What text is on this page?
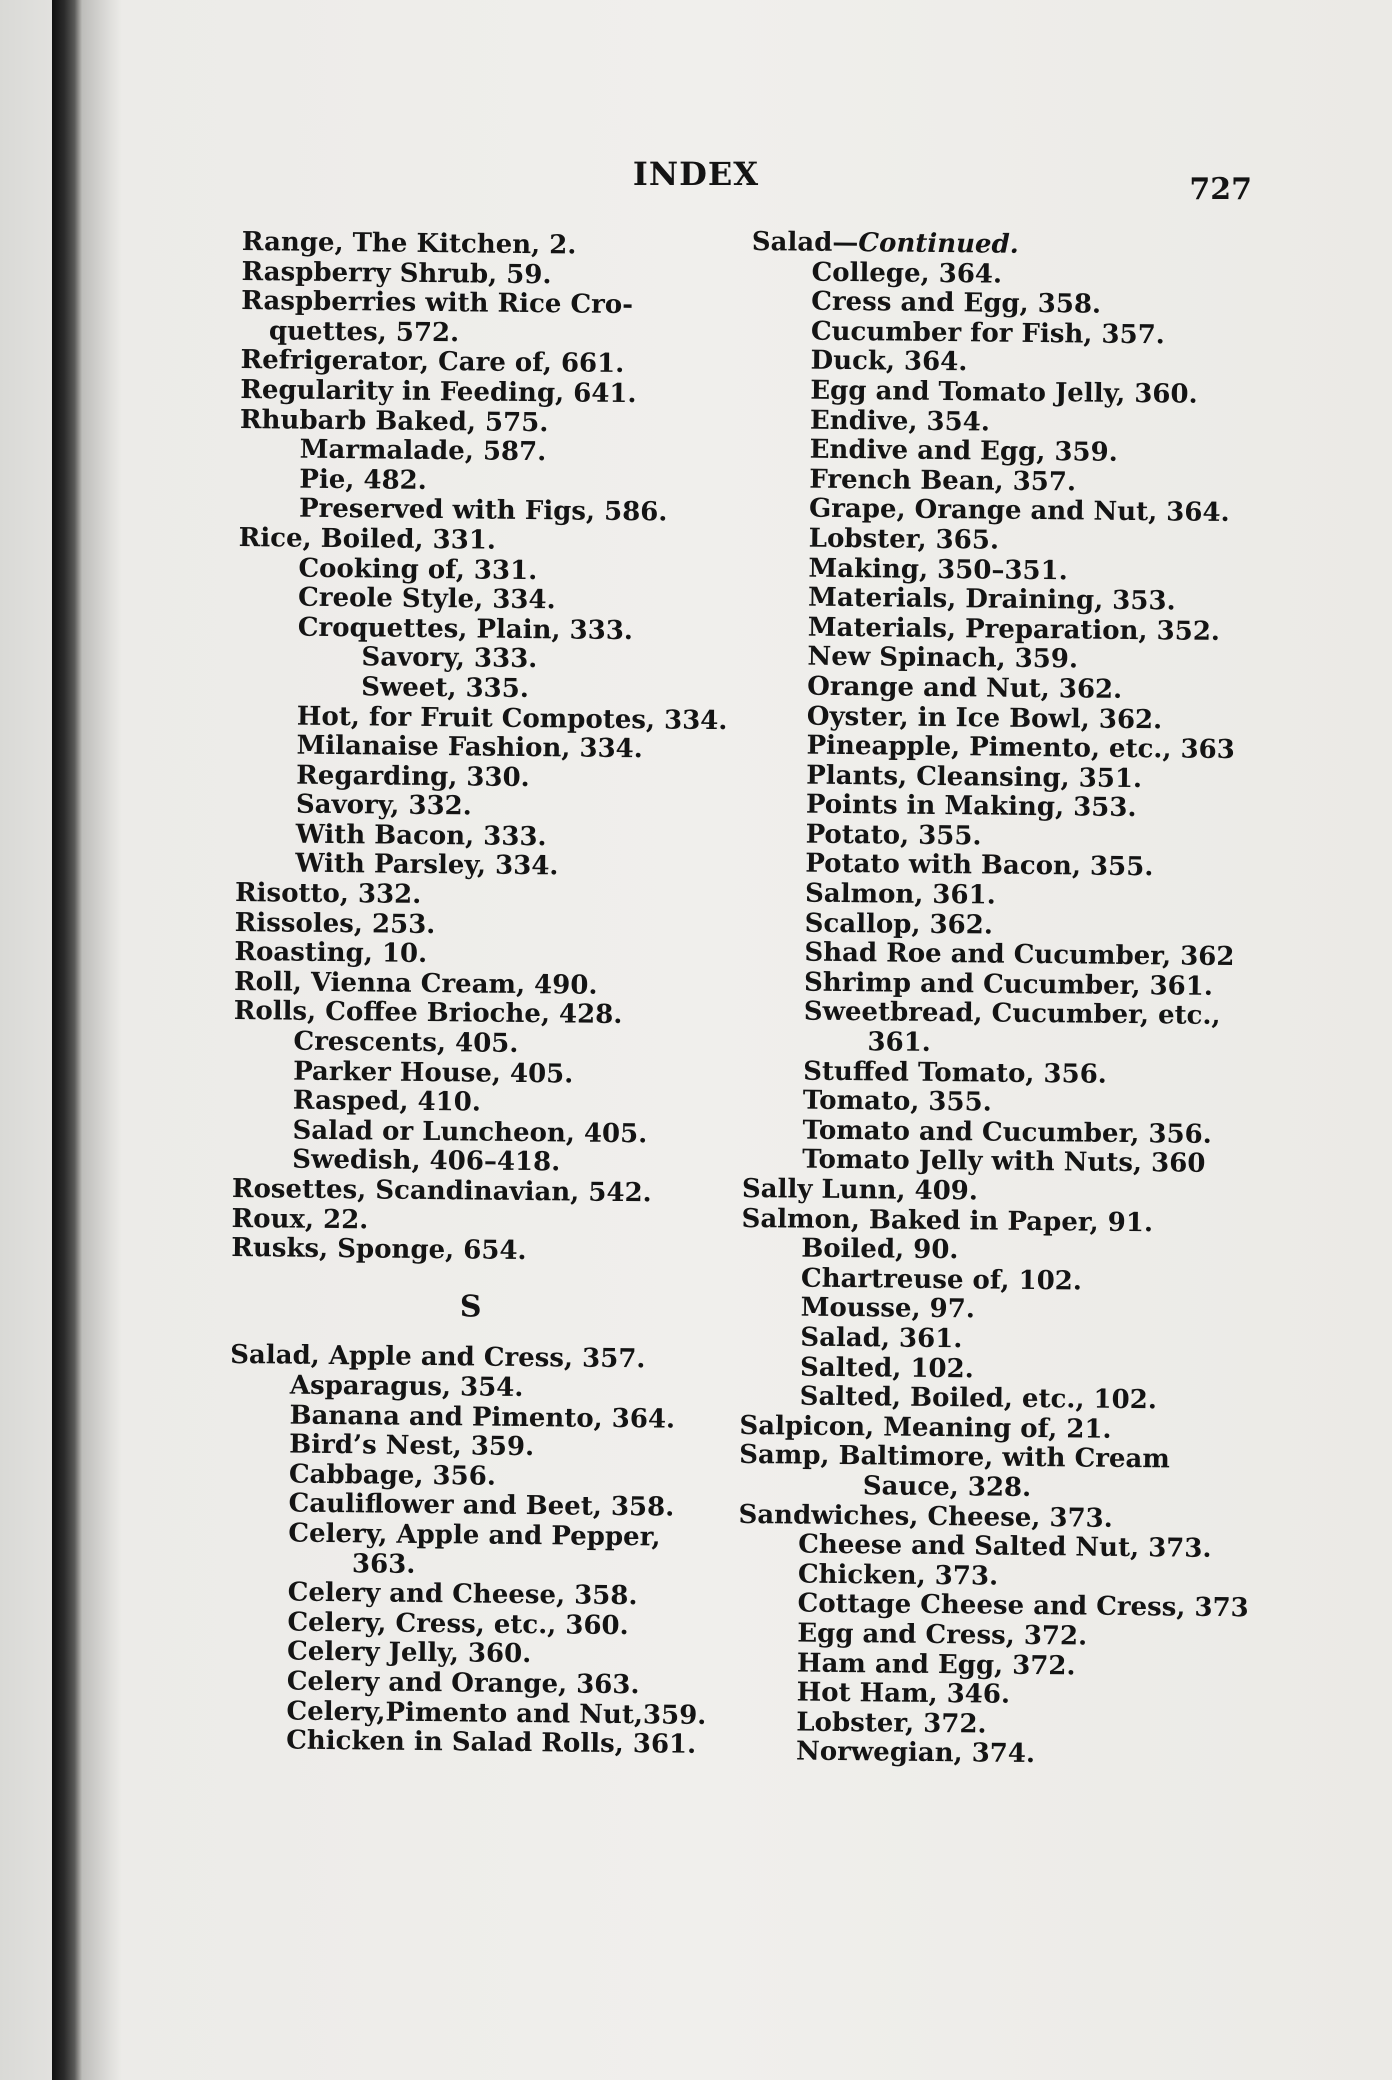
INDEX	727
Range, The Kitchen, 2.
Raspberry Shrub, 59.
Raspberries with Rice Cro-
quettes, 572.
Refrigerator, Care of, 661.
Regularity in Feeding, 641.
Rhubarb Baked, 575.
Marmalade, 587.
Pie, 482.
Preserved with Figs, 586.
Rice, Boiled, 331.
Cooking of, 331.
Creole Style, 334.
Croquettes, Plain, 333.
Savory, 333.
Sweet, 335.
Hot, for Fruit Compotes, 334.
Milanaise Fashion, 334.
Regarding, 330.
Savory, 332.
With Bacon, 333.
With Parsley, 334.
Risotto, 332.
Rissoles, 253.
Roasting, 10.
Roll, Vienna Cream, 490.
Rolls, Coffee Brioche, 428.
Crescents, 405.
Parker House, 405.
Rasped, 410.
Salad or Luncheon, 405.
Swedish, 406–418.
Rosettes, Scandinavian, 542.
Roux, 22.
Rusks, Sponge, 654.
S
Salad, Apple and Cress, 357.
Asparagus, 354.
Banana and Pimento, 364.
Bird’s Nest, 359.
Cabbage, 356.
Cauliflower and Beet, 358.
Celery, Apple and Pepper,
363.
Celery and Cheese, 358.
Celery, Cress, etc., 360.
Celery Jelly, 360.
Celery and Orange, 363.
Celery,Pimento and Nut,359.
Chicken in Salad Rolls, 361.
Salad—Continued.
College, 364.
Cress and Egg, 358.
Cucumber for Fish, 357.
Duck, 364.
Egg and Tomato Jelly, 360.
Endive, 354.
Endive and Egg, 359.
French Bean, 357.
Grape, Orange and Nut, 364.
Lobster, 365.
Making, 350–351.
Materials, Draining, 353.
Materials, Preparation, 352.
New Spinach, 359.
Orange and Nut, 362.
Oyster, in Ice Bowl, 362.
Pineapple, Pimento, etc., 363
Plants, Cleansing, 351.
Points in Making, 353.
Potato, 355.
Potato with Bacon, 355.
Salmon, 361.
Scallop, 362.
Shad Roe and Cucumber, 362
Shrimp and Cucumber, 361.
Sweetbread, Cucumber, etc.,
361.
Stuffed Tomato, 356.
Tomato, 355.
Tomato and Cucumber, 356.
Tomato Jelly with Nuts, 360
Sally Lunn, 409.
Salmon, Baked in Paper, 91.
Boiled, 90.
Chartreuse of, 102.
Mousse, 97.
Salad, 361.
Salted, 102.
Salted, Boiled, etc., 102.
Salpicon, Meaning of, 21.
Samp, Baltimore, with Cream
Sauce, 328.
Sandwiches, Cheese, 373.
Cheese and Salted Nut, 373.
Chicken, 373.
Cottage Cheese and Cress, 373
Egg and Cress, 372.
Ham and Egg, 372.
Hot Ham, 346.
Lobster, 372.
Norwegian, 374.
